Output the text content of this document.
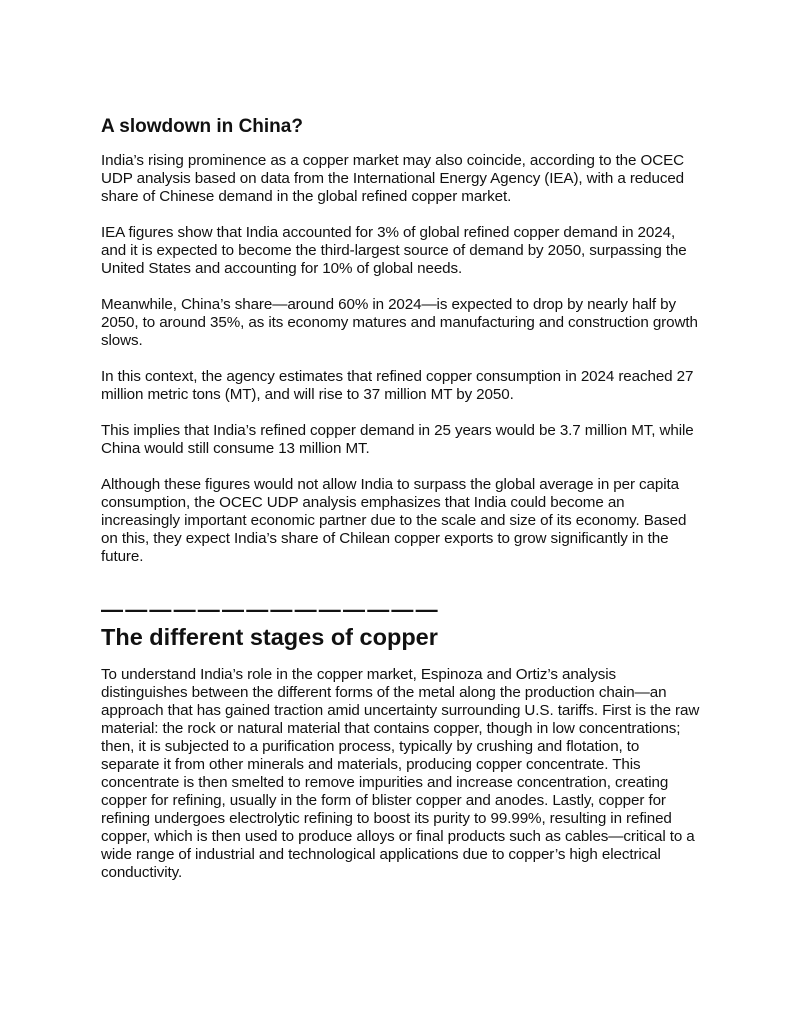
A slowdown in China?

India’s rising prominence as a copper market may also coincide, according to the OCEC UDP analysis based on data from the International Energy Agency (IEA), with a reduced share of Chinese demand in the global refined copper market.

IEA figures show that India accounted for 3% of global refined copper demand in 2024, and it is expected to become the third-largest source of demand by 2050, surpassing the United States and accounting for 10% of global needs.

Meanwhile, China’s share—around 60% in 2024—is expected to drop by nearly half by 2050, to around 35%, as its economy matures and manufacturing and construction growth slows.

In this context, the agency estimates that refined copper consumption in 2024 reached 27 million metric tons (MT), and will rise to 37 million MT by 2050.

This implies that India’s refined copper demand in 25 years would be 3.7 million MT, while China would still consume 13 million MT.

Although these figures would not allow India to surpass the global average in per capita consumption, the OCEC UDP analysis emphasizes that India could become an increasingly important economic partner due to the scale and size of its economy. Based on this, they expect India’s share of Chilean copper exports to grow significantly in the future.

——————————————
The different stages of copper

To understand India’s role in the copper market, Espinoza and Ortiz’s analysis distinguishes between the different forms of the metal along the production chain—an approach that has gained traction amid uncertainty surrounding U.S. tariffs. First is the raw material: the rock or natural material that contains copper, though in low concentrations; then, it is subjected to a purification process, typically by crushing and flotation, to separate it from other minerals and materials, producing copper concentrate. This concentrate is then smelted to remove impurities and increase concentration, creating copper for refining, usually in the form of blister copper and anodes. Lastly, copper for refining undergoes electrolytic refining to boost its purity to 99.99%, resulting in refined copper, which is then used to produce alloys or final products such as cables—critical to a wide range of industrial and technological applications due to copper’s high electrical conductivity.
